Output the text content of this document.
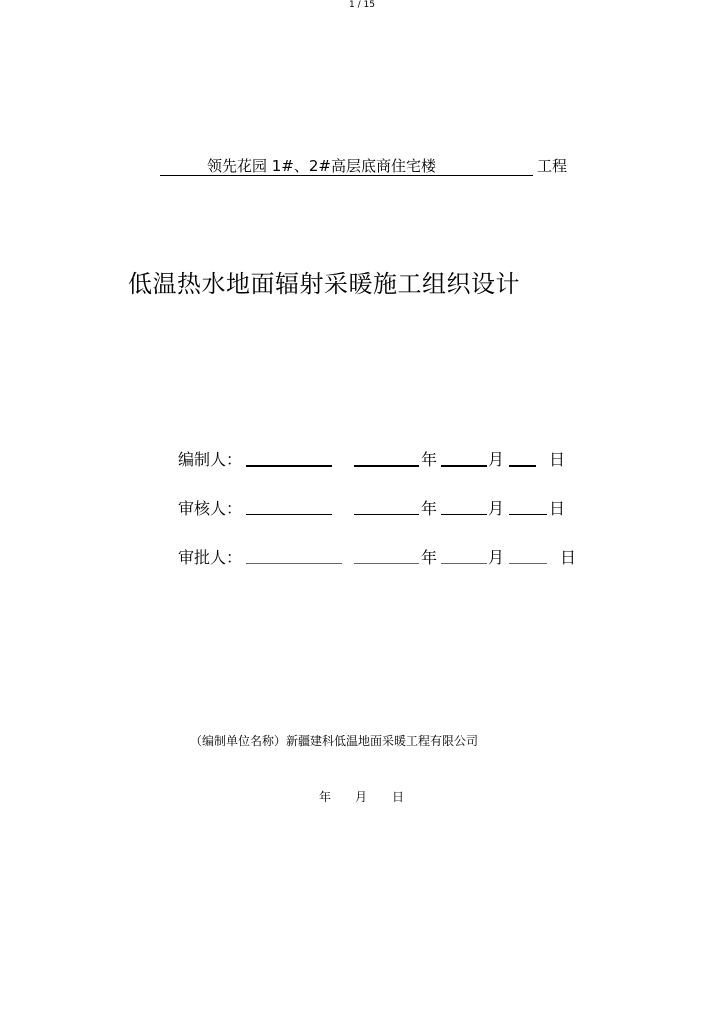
领先花园 1#、2#高层底商住宅楼	工程
低温热水地面辐射采暖施工组织设计
编制人：	年	月	日
审核人：	年	月	日
审批人：	年	月	日
（编制单位名称）新疆建科低温地面采暖工程有限公司
年 月 日
1 / 15
